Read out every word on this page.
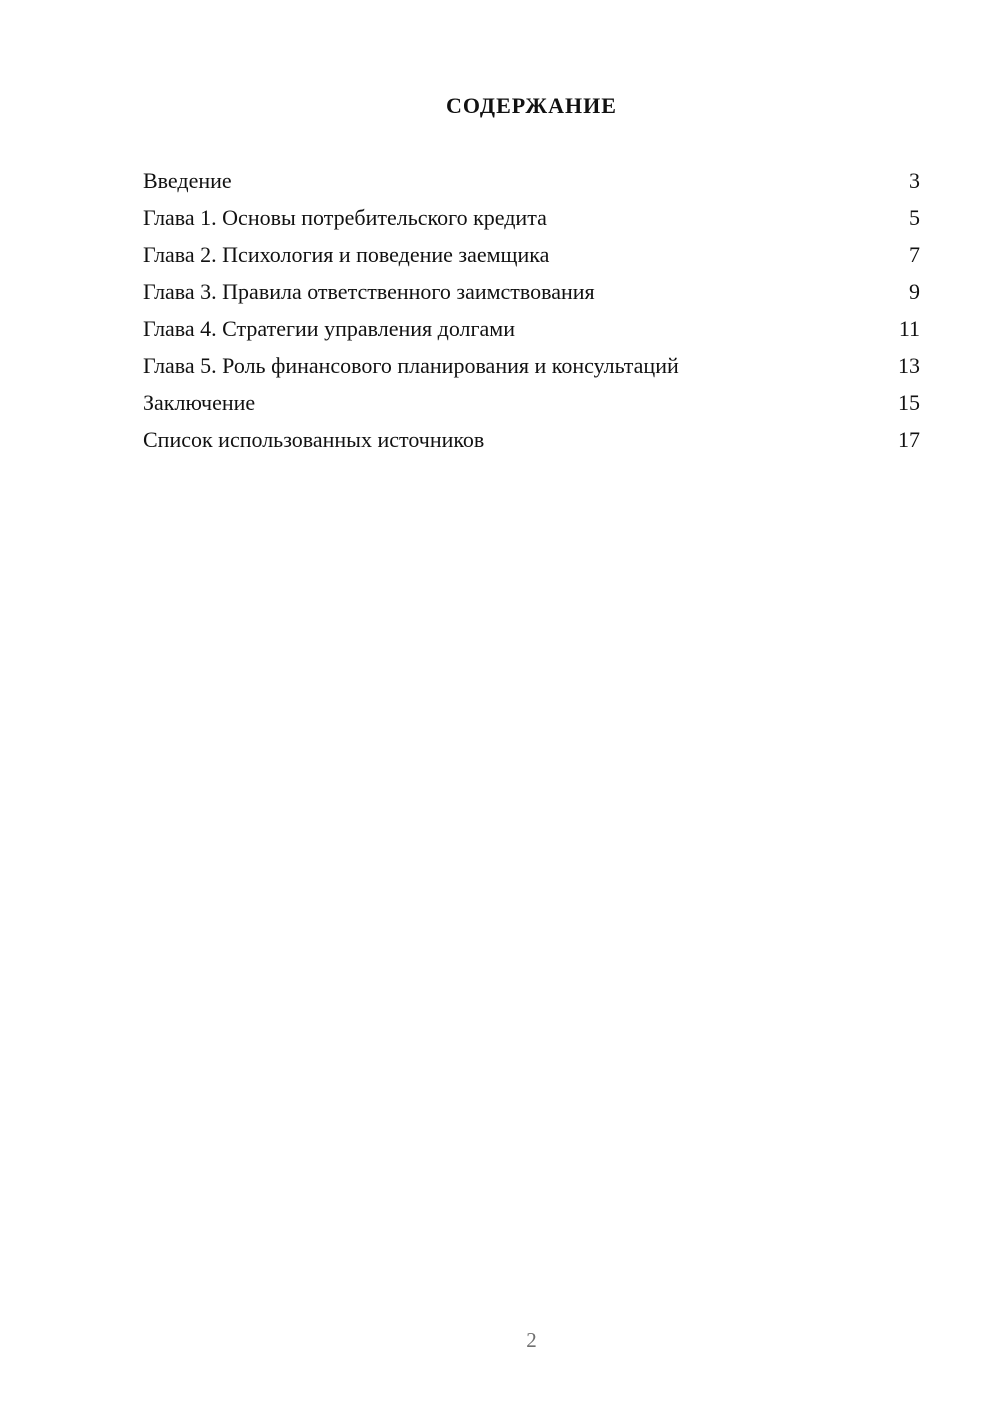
СОДЕРЖАНИЕ
Введение	3
Глава 1. Основы потребительского кредита	5
Глава 2. Психология и поведение заемщика	7
Глава 3. Правила ответственного заимствования	9
Глава 4. Стратегии управления долгами	11
Глава 5. Роль финансового планирования и консультаций	13
Заключение	15
Список использованных источников	17
2
